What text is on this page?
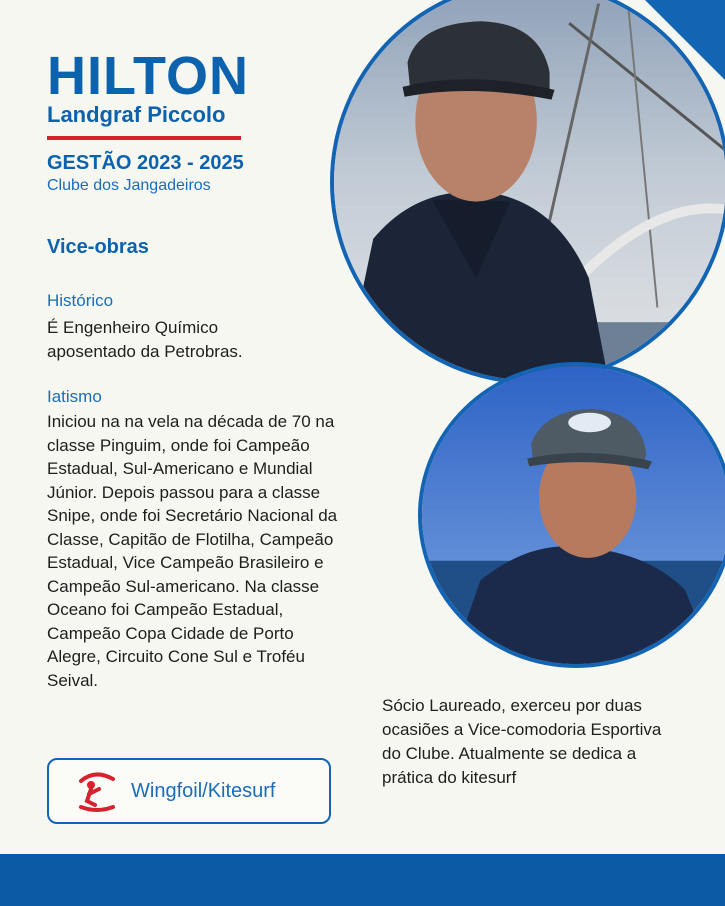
HILTON
Landgraf Piccolo
GESTÃO 2023 - 2025
Clube dos Jangadeiros
Vice-obras
Histórico
É Engenheiro Químico aposentado da Petrobras.
Iatismo
Iniciou na na vela na década de 70 na classe Pinguim, onde foi Campeão Estadual, Sul-Americano e Mundial Júnior. Depois passou para a classe Snipe, onde foi Secretário Nacional da Classe, Capitão de Flotilha, Campeão Estadual, Vice Campeão Brasileiro e Campeão Sul-americano. Na classe Oceano foi Campeão Estadual, Campeão Copa Cidade de Porto Alegre, Circuito Cone Sul e Troféu Seival.
Sócio Laureado, exerceu por duas ocasiões a Vice-comodoria Esportiva do Clube. Atualmente se dedica a prática do kitesurf
Wingfoil/Kitesurf
